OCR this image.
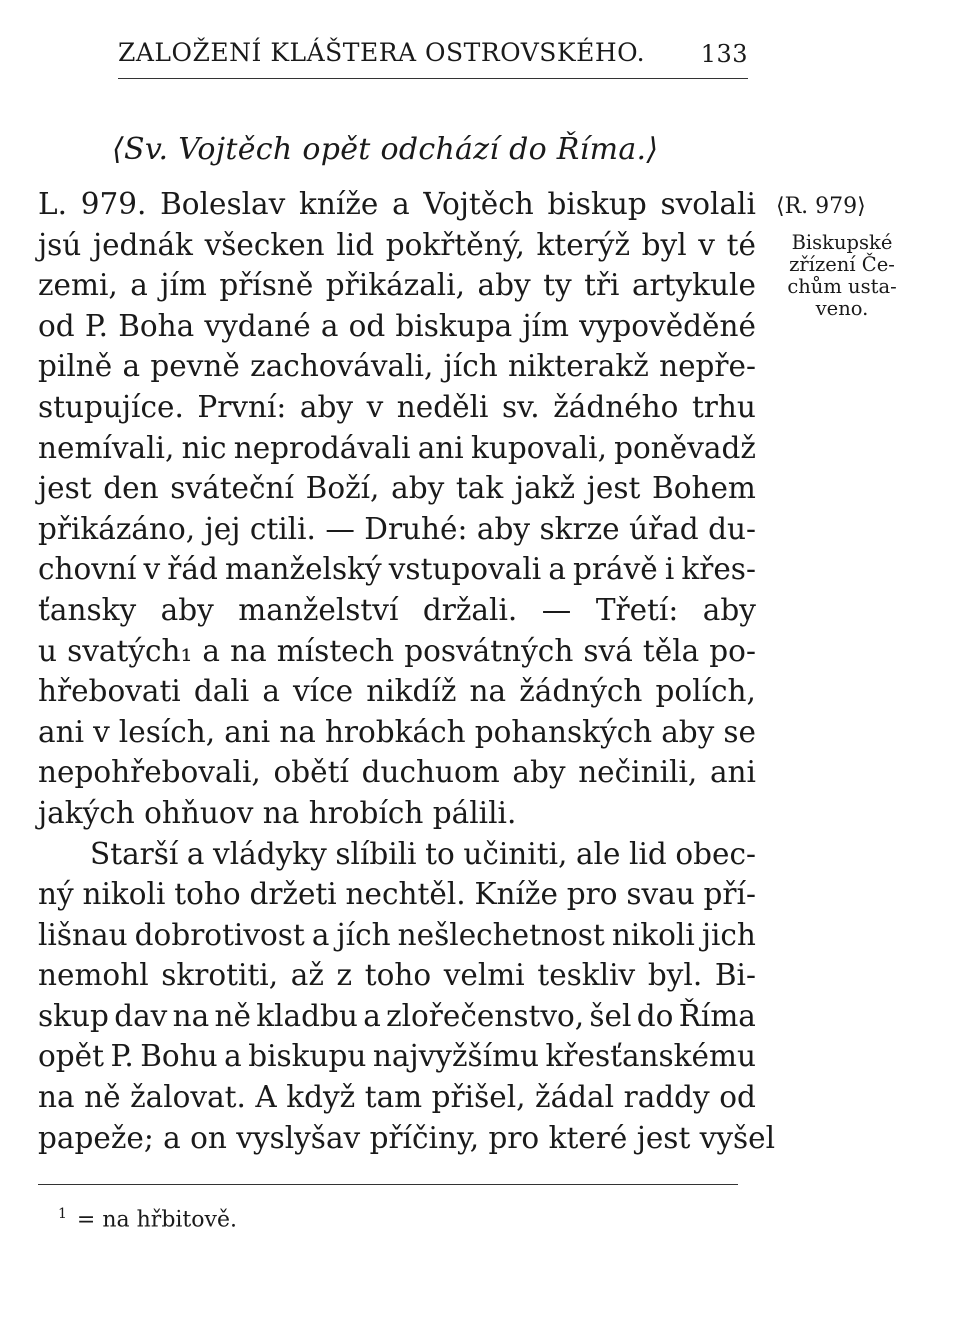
ZALOŽENÍ KLÁŠTERA OSTROVSKÉHO. 133
⟨Sv. Vojtěch opět odchází do Říma.⟩
L. 979. Boleslav kníže a Vojtěch biskup svolali
jsú jednák všecken lid pokřtěný, kterýž byl v té
zemi, a jím přísně přikázali, aby ty tři artykule
od P. Boha vydané a od biskupa jím vypověděné
pilně a pevně zachovávali, jích nikterakž nepře-
stupujíce. První: aby v neděli sv. žádného trhu
nemívali, nic neprodávali ani kupovali, poněvadž
jest den sváteční Boží, aby tak jakž jest Bohem
přikázáno, jej ctili. — Druhé: aby skrze úřad du-
chovní v řád manželský vstupovali a právě i křes-
ťansky aby manželství držali. — Třetí: aby
u svatých₁ a na místech posvátných svá těla po-
hřebovati dali a více nikdíž na žádných polích,
ani v lesích, ani na hrobkách pohanských aby se
nepohřebovali, obětí duchuom aby nečinili, ani
jakých ohňuov na hrobích pálili.
Starší a vládyky slíbili to učiniti, ale lid obec-
ný nikoli toho držeti nechtěl. Kníže pro svau pří-
lišnau dobrotivost a jích nešlechetnost nikoli jich
nemohl skrotiti, až z toho velmi teskliv byl. Bi-
skup dav na ně kladbu a zlořečenstvo, šel do Říma
opět P. Bohu a biskupu najvyžšímu křesťanskému
na ně žalovat. A když tam přišel, žádal raddy od
papeže; a on vyslyšav příčiny, pro které jest vyšel
⟨R. 979⟩
Biskupské
zřízení Če-
chům usta-
veno.
$^1$ = na hřbitově.
